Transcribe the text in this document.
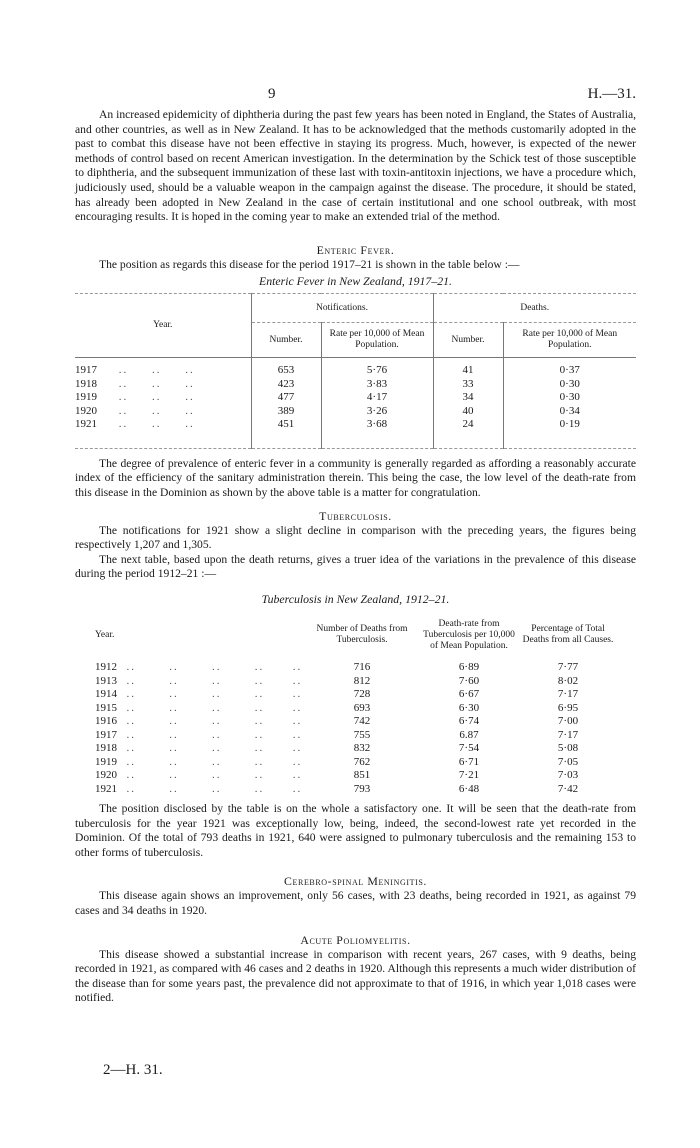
9	H.—31.

An increased epidemicity of diphtheria during the past few years has been noted in England, the States of Australia, and other countries, as well as in New Zealand. It has to be acknowledged that the methods customarily adopted in the past to combat this disease have not been effective in staying its progress. Much, however, is expected of the newer methods of control based on recent American investigation. In the determination by the Schick test of those susceptible to diphtheria, and the subsequent immunization of these last with toxin-antitoxin injections, we have a procedure which, judiciously used, should be a valuable weapon in the campaign against the disease. The procedure, it should be stated, has already been adopted in New Zealand in the case of certain institutional and one school outbreak, with most encouraging results. It is hoped in the coming year to make an extended trial of the method.

Enteric Fever.

The position as regards this disease for the period 1917–21 is shown in the table below :—

Enteric Fever in New Zealand, 1917–21.
Year.	Notifications.		Deaths.	
	Number.	Rate per 10,000 of Mean Population.	Number.	Rate per 10,000 of Mean Population.

1917     ..     ..     ..	653	5·76	41	0·37
1918     ..     ..     ..	423	3·83	33	0·30
1919     ..     ..     ..	477	4·17	34	0·30
1920     ..     ..     ..	389	3·26	40	0·34
1921     ..     ..     ..	451	3·68	24	0·19

The degree of prevalence of enteric fever in a community is generally regarded as affording a reasonably accurate index of the efficiency of the sanitary administration therein. This being the case, the low level of the death-rate from this disease in the Dominion as shown by the above table is a matter for congratulation.

Tuberculosis.

The notifications for 1921 show a slight decline in comparison with the preceding years, the figures being respectively 1,207 and 1,305.

The next table, based upon the death returns, gives a truer idea of the variations in the prevalence of this disease during the period 1912–21 :—

Tuberculosis in New Zealand, 1912–21.
Year.	Number of Deaths from Tuberculosis.	Death-rate from Tuberculosis per 10,000 of Mean Population.	Percentage of Total Deaths from all Causes.
1912  ..       ..       ..       ..      ..	716	6·89	7·77
1913  ..       ..       ..       ..      ..	812	7·60	8·02
1914  ..       ..       ..       ..      ..	728	6·67	7·17
1915  ..       ..       ..       ..      ..	693	6·30	6·95
1916  ..       ..       ..       ..      ..	742	6·74	7·00
1917  ..       ..       ..       ..      ..	755	6.87	7·17
1918  ..       ..       ..       ..      ..	832	7·54	5·08
1919  ..       ..       ..       ..      ..	762	6·71	7·05
1920  ..       ..       ..       ..      ..	851	7·21	7·03
1921  ..       ..       ..       ..      ..	793	6·48	7·42

The position disclosed by the table is on the whole a satisfactory one. It will be seen that the death-rate from tuberculosis for the year 1921 was exceptionally low, being, indeed, the second-lowest rate yet recorded in the Dominion. Of the total of 793 deaths in 1921, 640 were assigned to pulmonary tuberculosis and the remaining 153 to other forms of tuberculosis.

Cerebro-spinal Meningitis.

This disease again shows an improvement, only 56 cases, with 23 deaths, being recorded in 1921, as against 79 cases and 34 deaths in 1920.

Acute Poliomyelitis.

This disease showed a substantial increase in comparison with recent years, 267 cases, with 9 deaths, being recorded in 1921, as compared with 46 cases and 2 deaths in 1920. Although this represents a much wider distribution of the disease than for some years past, the prevalence did not approximate to that of 1916, in which year 1,018 cases were notified.

2—H. 31.
